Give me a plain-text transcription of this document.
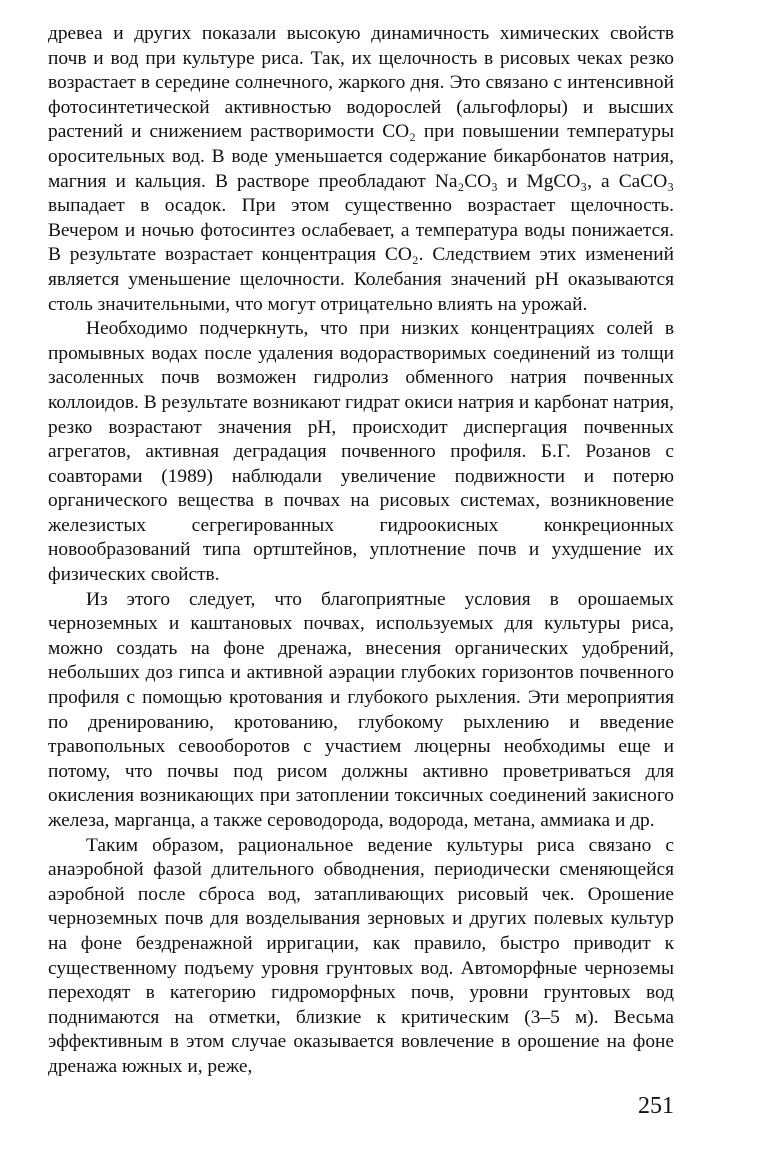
древеа и других показали высокую динамичность химических свойств почв и вод при культуре риса. Так, их щелочность в рисовых чеках резко возрастает в середине солнечного, жаркого дня. Это связано с интенсивной фотосинтетической активностью водорослей (альгофлоры) и высших растений и снижением растворимости CO₂ при повышении температуры оросительных вод. В воде уменьшается содержание бикарбонатов натрия, магния и кальция. В растворе преобладают Na₂CO₃ и MgCO₃, а CaCO₃ выпадает в осадок. При этом существенно возрастает щелочность. Вечером и ночью фотосинтез ослабевает, а температура воды понижается. В результате возрастает концентрация CO₂. Следствием этих изменений является уменьшение щелочности. Колебания значений pH оказываются столь значительными, что могут отрицательно влиять на урожай.

Необходимо подчеркнуть, что при низких концентрациях солей в промывных водах после удаления водорастворимых соединений из толщи засоленных почв возможен гидролиз обменного натрия почвенных коллоидов. В результате возникают гидрат окиси натрия и карбонат натрия, резко возрастают значения pH, происходит диспергация почвенных агрегатов, активная деградация почвенного профиля. Б.Г. Розанов с соавторами (1989) наблюдали увеличение подвижности и потерю органического вещества в почвах на рисовых системах, возникновение железистых сегрегированных гидроокисных конкреционных новообразований типа ортштейнов, уплотнение почв и ухудшение их физических свойств.

Из этого следует, что благоприятные условия в орошаемых черноземных и каштановых почвах, используемых для культуры риса, можно создать на фоне дренажа, внесения органических удобрений, небольших доз гипса и активной аэрации глубоких горизонтов почвенного профиля с помощью кротования и глубокого рыхления. Эти мероприятия по дренированию, кротованию, глубокому рыхлению и введение травопольных севооборотов с участием люцерны необходимы еще и потому, что почвы под рисом должны активно проветриваться для окисления возникающих при затоплении токсичных соединений закисного железа, марганца, а также сероводорода, водорода, метана, аммиака и др.

Таким образом, рациональное ведение культуры риса связано с анаэробной фазой длительного обводнения, периодически сменяющейся аэробной после сброса вод, затапливающих рисовый чек. Орошение черноземных почв для возделывания зерновых и других полевых культур на фоне бездренажной ирригации, как правило, быстро приводит к существенному подъему уровня грунтовых вод. Автоморфные черноземы переходят в категорию гидроморфных почв, уровни грунтовых вод поднимаются на отметки, близкие к критическим (3–5 м). Весьма эффективным в этом случае оказывается вовлечение в орошение на фоне дренажа южных и, реже,

251
